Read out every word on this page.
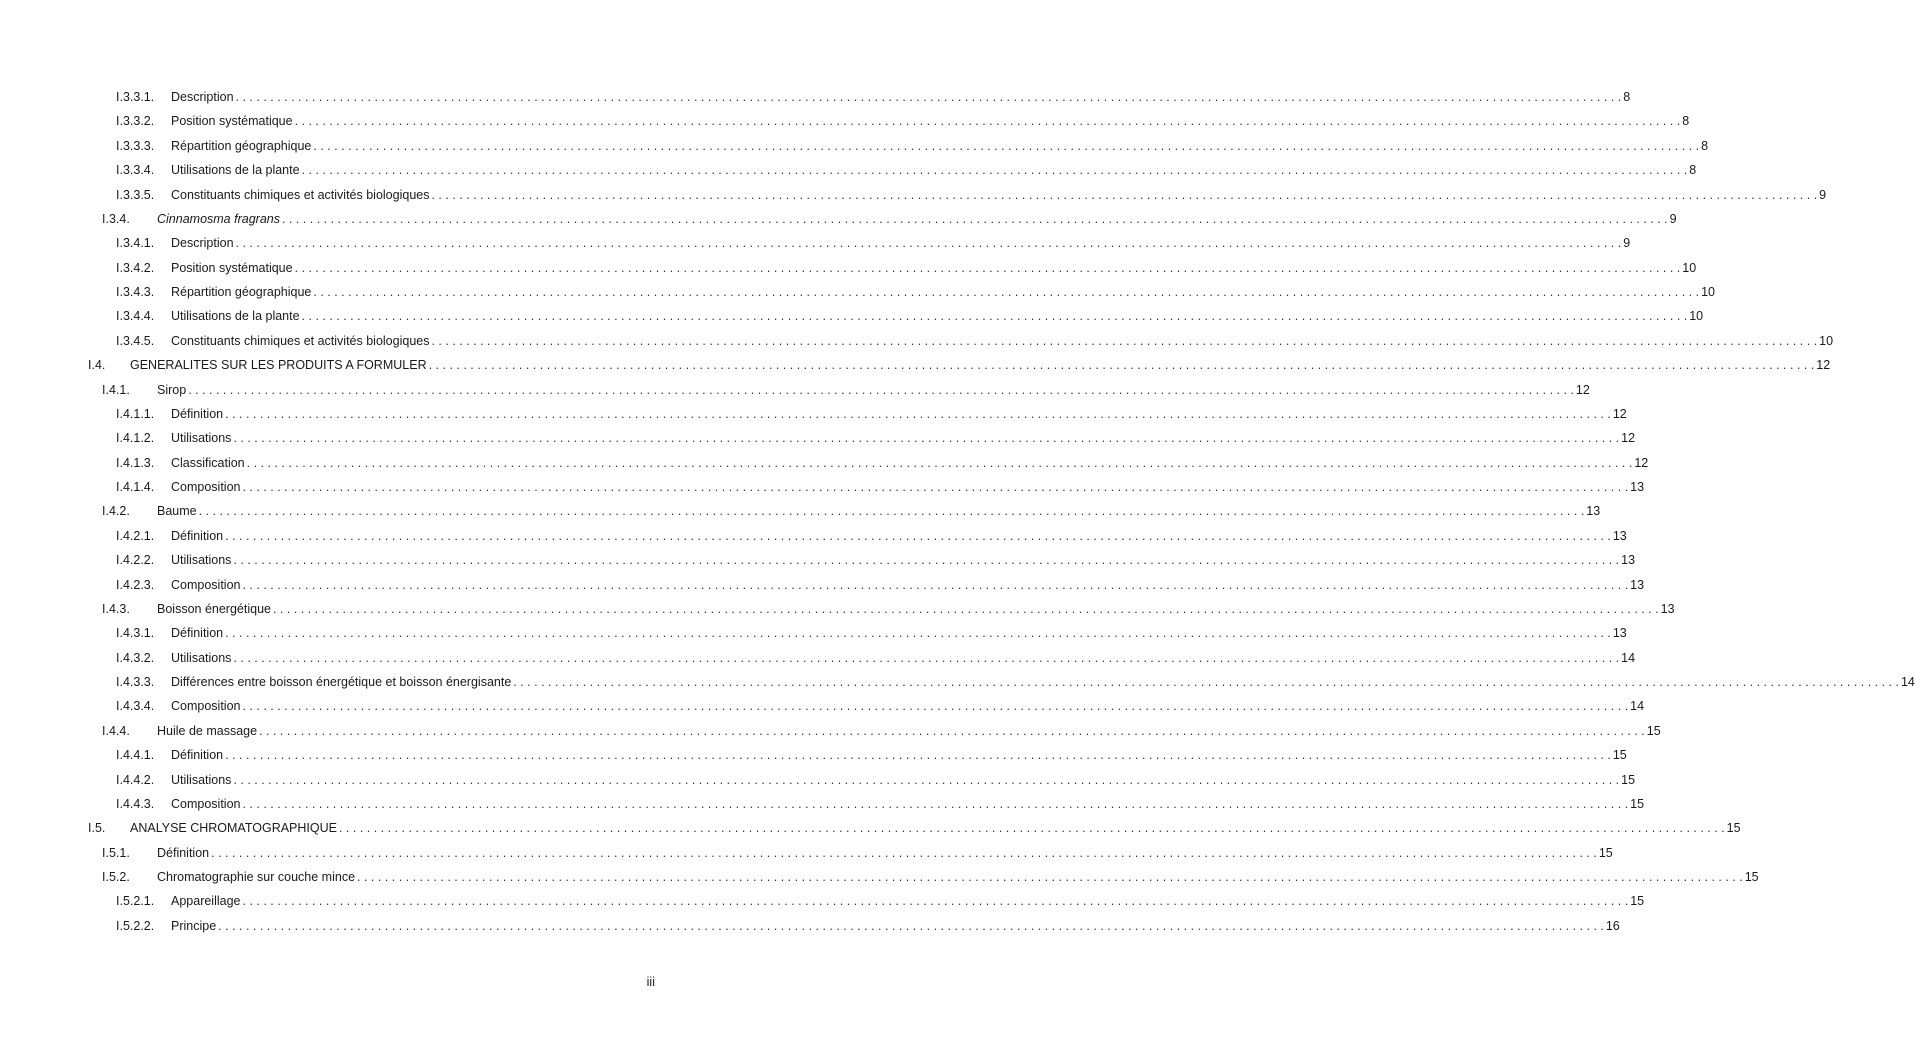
I.3.3.1. Description . . . . . . . . . . . . . . . . . . . . . . . . . . . . . . . . . . . . . . . . . . . . . . . . . . . . . . . . . . . . . . . . . . . . . . . . . . . . . . . . . . . . . . . . . . . . . . . . . . . . . . . . . . . . . . . . . . . . . . . . . . . . . . . . . . . . . . . . . . . . . . . . . . . . . . . . . . . . . . . . . . . . . . . . . . . . . . . . . . . . . . . . . . . . . . . . . . . . . . . . 8
I.3.3.2. Position systématique . . . . . . . . . . . . . . . . . . . . . . . . . . . . . . . . . . . . . . . . . . . . . . . . . . . . . . . . . . . . . . . . . . . . . . . . . . . . . . . . . . . . . . . . . . . . . . . . . . . . . . . . . . . . . . . . . . . . . . . . . . . . . . . . . . . . . . . . . . . . . . . . . . . . . . . . . . . . . . . . . . . . . . . . . . . . . . . . . . . . . . . . . . . . . . . . . . . . . . . . 8
I.3.3.3. Répartition géographique . . . . . . . . . . . . . . . . . . . . . . . . . . . . . . . . . . . . . . . . . . . . . . . . . . . . . . . . . . . . . . . . . . . . . . . . . . . . . . . . . . . . . . . . . . . . . . . . . . . . . . . . . . . . . . . . . . . . . . . . . . . . . . . . . . . . . . . . . . . . . . . . . . . . . . . . . . . . . . . . . . . . . . . . . . . . . . . . . . . . . . . . . . . . . . . . . . . . . . . . 8
I.3.3.4. Utilisations de la plante . . . . . . . . . . . . . . . . . . . . . . . . . . . . . . . . . . . . . . . . . . . . . . . . . . . . . . . . . . . . . . . . . . . . . . . . . . . . . . . . . . . . . . . . . . . . . . . . . . . . . . . . . . . . . . . . . . . . . . . . . . . . . . . . . . . . . . . . . . . . . . . . . . . . . . . . . . . . . . . . . . . . . . . . . . . . . . . . . . . . . . . . . . . . . . . . . . . . . . . . 8
I.3.3.5. Constituants chimiques et activités biologiques . . . . . . . . . . . . . . . . . . . . . . . . . . . . . . . . . . . . . . . . . . . . . . . . . . . . . . . . . . . . . . . . . . . . . . . . . . . . . . . . . . . . . . . . . . . . . . . . . . . . . . . . . . . . . . . . . . . . . . . . . . . . . . . . . . . . . . . . . . . . . . . . . . . . . . . . . . . . . . . . . . . . . . . . . . . . . . . . . . . . . . . . . . . . . . . . . . . . . . . . 9
I.3.4. Cinnamosma fragrans . . . . . . . . . . . . . . . . . . . . . . . . . . . . . . . . . . . . . . . . . . . . . . . . . . . . . . . . . . . . . . . . . . . . . . . . . . . . . . . . . . . . . . . . . . . . . . . . . . . . . . . . . . . . . . . . . . . . . . . . . . . . . . . . . . . . . . . . . . . . . . . . . . . . . . . . . . . . . . . . . . . . . . . . . . . . . . . . . . . . . . . . . . . . . . . . . . . . . . . . 9
I.3.4.1. Description . . . . . . . . . . . . . . . . . . . . . . . . . . . . . . . . . . . . . . . . . . . . . . . . . . . . . . . . . . . . . . . . . . . . . . . . . . . . . . . . . . . . . . . . . . . . . . . . . . . . . . . . . . . . . . . . . . . . . . . . . . . . . . . . . . . . . . . . . . . . . . . . . . . . . . . . . . . . . . . . . . . . . . . . . . . . . . . . . . . . . . . . . . . . . . . . . . . . . . . . 9
I.3.4.2. Position systématique . . . . . . . . . . . . . . . . . . . . . . . . . . . . . . . . . . . . . . . . . . . . . . . . . . . . . . . . . . . . . . . . . . . . . . . . . . . . . . . . . . . . . . . . . . . . . . . . . . . . . . . . . . . . . . . . . . . . . . . . . . . . . . . . . . . . . . . . . . . . . . . . . . . . . . . . . . . . . . . . . . . . . . . . . . . . . . . . . . . . . . . . . . . . . . . . . . . . . . . . 10
I.3.4.3. Répartition géographique . . . . . . . . . . . . . . . . . . . . . . . . . . . . . . . . . . . . . . . . . . . . . . . . . . . . . . . . . . . . . . . . . . . . . . . . . . . . . . . . . . . . . . . . . . . . . . . . . . . . . . . . . . . . . . . . . . . . . . . . . . . . . . . . . . . . . . . . . . . . . . . . . . . . . . . . . . . . . . . . . . . . . . . . . . . . . . . . . . . . . . . . . . . . . . . . . . . . . . . . 10
I.3.4.4. Utilisations de la plante . . . . . . . . . . . . . . . . . . . . . . . . . . . . . . . . . . . . . . . . . . . . . . . . . . . . . . . . . . . . . . . . . . . . . . . . . . . . . . . . . . . . . . . . . . . . . . . . . . . . . . . . . . . . . . . . . . . . . . . . . . . . . . . . . . . . . . . . . . . . . . . . . . . . . . . . . . . . . . . . . . . . . . . . . . . . . . . . . . . . . . . . . . . . . . . . . . . . . . . . 10
I.3.4.5. Constituants chimiques et activités biologiques . . . . . . . . . . . . . . . . . . . . . . . . . . . . . . . . . . . . . . . . . . . . . . . . . . . . . . . . . . . . . . . . . . . . . . . . . . . . . . . . . . . . . . . . . . . . . . . . . . . . . . . . . . . . . . . . . . . . . . . . . . . . . . . . . . . . . . . . . . . . . . . . . . . . . . . . . . . . . . . . . . . . . . . . . . . . . . . . . . . . . . . . . . . . . . . . . . . . . . . . 10
I.4. GENERALITES SUR LES PRODUITS A FORMULER . . . . . . . . . . . . . . . . . . . . . . . . . . . . . . . . . . . . . . . . . . . . . . . . . . . . . . . . . . . . . . . . . . . . . . . . . . . . . . . . . . . . . . . . . . . . . . . . . . . . . . . . . . . . . . . . . . . . . . . . . . . . . . . . . . . . . . . . . . . . . . . . . . . . . . . . . . . . . . . . . . . . . . . . . . . . . . . . . . . . . . . . . . . . . . . . . . . . . . . . 12
I.4.1. Sirop . . . . . . . . . . . . . . . . . . . . . . . . . . . . . . . . . . . . . . . . . . . . . . . . . . . . . . . . . . . . . . . . . . . . . . . . . . . . . . . . . . . . . . . . . . . . . . . . . . . . . . . . . . . . . . . . . . . . . . . . . . . . . . . . . . . . . . . . . . . . . . . . . . . . . . . . . . . . . . . . . . . . . . . . . . . . . . . . . . . . . . . . . . . . . . . . . . . . . . . . 12
I.4.1.1. Définition . . . . . . . . . . . . . . . . . . . . . . . . . . . . . . . . . . . . . . . . . . . . . . . . . . . . . . . . . . . . . . . . . . . . . . . . . . . . . . . . . . . . . . . . . . . . . . . . . . . . . . . . . . . . . . . . . . . . . . . . . . . . . . . . . . . . . . . . . . . . . . . . . . . . . . . . . . . . . . . . . . . . . . . . . . . . . . . . . . . . . . . . . . . . . . . . . . . . . . . . 12
I.4.1.2. Utilisations . . . . . . . . . . . . . . . . . . . . . . . . . . . . . . . . . . . . . . . . . . . . . . . . . . . . . . . . . . . . . . . . . . . . . . . . . . . . . . . . . . . . . . . . . . . . . . . . . . . . . . . . . . . . . . . . . . . . . . . . . . . . . . . . . . . . . . . . . . . . . . . . . . . . . . . . . . . . . . . . . . . . . . . . . . . . . . . . . . . . . . . . . . . . . . . . . . . . . . . . 12
I.4.1.3. Classification . . . . . . . . . . . . . . . . . . . . . . . . . . . . . . . . . . . . . . . . . . . . . . . . . . . . . . . . . . . . . . . . . . . . . . . . . . . . . . . . . . . . . . . . . . . . . . . . . . . . . . . . . . . . . . . . . . . . . . . . . . . . . . . . . . . . . . . . . . . . . . . . . . . . . . . . . . . . . . . . . . . . . . . . . . . . . . . . . . . . . . . . . . . . . . . . . . . . . . . . 12
I.4.1.4. Composition . . . . . . . . . . . . . . . . . . . . . . . . . . . . . . . . . . . . . . . . . . . . . . . . . . . . . . . . . . . . . . . . . . . . . . . . . . . . . . . . . . . . . . . . . . . . . . . . . . . . . . . . . . . . . . . . . . . . . . . . . . . . . . . . . . . . . . . . . . . . . . . . . . . . . . . . . . . . . . . . . . . . . . . . . . . . . . . . . . . . . . . . . . . . . . . . . . . . . . . . 13
I.4.2. Baume . . . . . . . . . . . . . . . . . . . . . . . . . . . . . . . . . . . . . . . . . . . . . . . . . . . . . . . . . . . . . . . . . . . . . . . . . . . . . . . . . . . . . . . . . . . . . . . . . . . . . . . . . . . . . . . . . . . . . . . . . . . . . . . . . . . . . . . . . . . . . . . . . . . . . . . . . . . . . . . . . . . . . . . . . . . . . . . . . . . . . . . . . . . . . . . . . . . . . . . . 13
I.4.2.1. Définition . . . . . . . . . . . . . . . . . . . . . . . . . . . . . . . . . . . . . . . . . . . . . . . . . . . . . . . . . . . . . . . . . . . . . . . . . . . . . . . . . . . . . . . . . . . . . . . . . . . . . . . . . . . . . . . . . . . . . . . . . . . . . . . . . . . . . . . . . . . . . . . . . . . . . . . . . . . . . . . . . . . . . . . . . . . . . . . . . . . . . . . . . . . . . . . . . . . . . . . . 13
I.4.2.2. Utilisations . . . . . . . . . . . . . . . . . . . . . . . . . . . . . . . . . . . . . . . . . . . . . . . . . . . . . . . . . . . . . . . . . . . . . . . . . . . . . . . . . . . . . . . . . . . . . . . . . . . . . . . . . . . . . . . . . . . . . . . . . . . . . . . . . . . . . . . . . . . . . . . . . . . . . . . . . . . . . . . . . . . . . . . . . . . . . . . . . . . . . . . . . . . . . . . . . . . . . . . . 13
I.4.2.3. Composition . . . . . . . . . . . . . . . . . . . . . . . . . . . . . . . . . . . . . . . . . . . . . . . . . . . . . . . . . . . . . . . . . . . . . . . . . . . . . . . . . . . . . . . . . . . . . . . . . . . . . . . . . . . . . . . . . . . . . . . . . . . . . . . . . . . . . . . . . . . . . . . . . . . . . . . . . . . . . . . . . . . . . . . . . . . . . . . . . . . . . . . . . . . . . . . . . . . . . . . . 13
I.4.3. Boisson énergétique . . . . . . . . . . . . . . . . . . . . . . . . . . . . . . . . . . . . . . . . . . . . . . . . . . . . . . . . . . . . . . . . . . . . . . . . . . . . . . . . . . . . . . . . . . . . . . . . . . . . . . . . . . . . . . . . . . . . . . . . . . . . . . . . . . . . . . . . . . . . . . . . . . . . . . . . . . . . . . . . . . . . . . . . . . . . . . . . . . . . . . . . . . . . . . . . . . . . . . . . 13
I.4.3.1. Définition . . . . . . . . . . . . . . . . . . . . . . . . . . . . . . . . . . . . . . . . . . . . . . . . . . . . . . . . . . . . . . . . . . . . . . . . . . . . . . . . . . . . . . . . . . . . . . . . . . . . . . . . . . . . . . . . . . . . . . . . . . . . . . . . . . . . . . . . . . . . . . . . . . . . . . . . . . . . . . . . . . . . . . . . . . . . . . . . . . . . . . . . . . . . . . . . . . . . . . . . 13
I.4.3.2. Utilisations . . . . . . . . . . . . . . . . . . . . . . . . . . . . . . . . . . . . . . . . . . . . . . . . . . . . . . . . . . . . . . . . . . . . . . . . . . . . . . . . . . . . . . . . . . . . . . . . . . . . . . . . . . . . . . . . . . . . . . . . . . . . . . . . . . . . . . . . . . . . . . . . . . . . . . . . . . . . . . . . . . . . . . . . . . . . . . . . . . . . . . . . . . . . . . . . . . . . . . . . 14
I.4.3.3. Différences entre boisson énergétique et boisson énergisante . . . . . . . . . . . . . . . . . . . . . . . . . . . . . . . . . . . . . . . . . . . . . . . . . . . . . . . . . . . . . . . . . . . . . . . . . . . . . . . . . . . . . . . . . . . . . . . . . . . . . . . . . . . . . . . . . . . . . . . . . . . . . . . . . . . . . . . . . . . . . . . . . . . . . . . . . . . . . . . . . . . . . . . . . . . . . . . . . . . . . . . . . . . . . . . . . . . . . . . . 14
I.4.3.4. Composition . . . . . . . . . . . . . . . . . . . . . . . . . . . . . . . . . . . . . . . . . . . . . . . . . . . . . . . . . . . . . . . . . . . . . . . . . . . . . . . . . . . . . . . . . . . . . . . . . . . . . . . . . . . . . . . . . . . . . . . . . . . . . . . . . . . . . . . . . . . . . . . . . . . . . . . . . . . . . . . . . . . . . . . . . . . . . . . . . . . . . . . . . . . . . . . . . . . . . . . . 14
I.4.4. Huile de massage . . . . . . . . . . . . . . . . . . . . . . . . . . . . . . . . . . . . . . . . . . . . . . . . . . . . . . . . . . . . . . . . . . . . . . . . . . . . . . . . . . . . . . . . . . . . . . . . . . . . . . . . . . . . . . . . . . . . . . . . . . . . . . . . . . . . . . . . . . . . . . . . . . . . . . . . . . . . . . . . . . . . . . . . . . . . . . . . . . . . . . . . . . . . . . . . . . . . . . . . 15
I.4.4.1. Définition . . . . . . . . . . . . . . . . . . . . . . . . . . . . . . . . . . . . . . . . . . . . . . . . . . . . . . . . . . . . . . . . . . . . . . . . . . . . . . . . . . . . . . . . . . . . . . . . . . . . . . . . . . . . . . . . . . . . . . . . . . . . . . . . . . . . . . . . . . . . . . . . . . . . . . . . . . . . . . . . . . . . . . . . . . . . . . . . . . . . . . . . . . . . . . . . . . . . . . . . 15
I.4.4.2. Utilisations . . . . . . . . . . . . . . . . . . . . . . . . . . . . . . . . . . . . . . . . . . . . . . . . . . . . . . . . . . . . . . . . . . . . . . . . . . . . . . . . . . . . . . . . . . . . . . . . . . . . . . . . . . . . . . . . . . . . . . . . . . . . . . . . . . . . . . . . . . . . . . . . . . . . . . . . . . . . . . . . . . . . . . . . . . . . . . . . . . . . . . . . . . . . . . . . . . . . . . . . 15
I.4.4.3. Composition . . . . . . . . . . . . . . . . . . . . . . . . . . . . . . . . . . . . . . . . . . . . . . . . . . . . . . . . . . . . . . . . . . . . . . . . . . . . . . . . . . . . . . . . . . . . . . . . . . . . . . . . . . . . . . . . . . . . . . . . . . . . . . . . . . . . . . . . . . . . . . . . . . . . . . . . . . . . . . . . . . . . . . . . . . . . . . . . . . . . . . . . . . . . . . . . . . . . . . . . 15
I.5. ANALYSE CHROMATOGRAPHIQUE . . . . . . . . . . . . . . . . . . . . . . . . . . . . . . . . . . . . . . . . . . . . . . . . . . . . . . . . . . . . . . . . . . . . . . . . . . . . . . . . . . . . . . . . . . . . . . . . . . . . . . . . . . . . . . . . . . . . . . . . . . . . . . . . . . . . . . . . . . . . . . . . . . . . . . . . . . . . . . . . . . . . . . . . . . . . . . . . . . . . . . . . . . . . . . . . . . . . . . . . 15
I.5.1. Définition . . . . . . . . . . . . . . . . . . . . . . . . . . . . . . . . . . . . . . . . . . . . . . . . . . . . . . . . . . . . . . . . . . . . . . . . . . . . . . . . . . . . . . . . . . . . . . . . . . . . . . . . . . . . . . . . . . . . . . . . . . . . . . . . . . . . . . . . . . . . . . . . . . . . . . . . . . . . . . . . . . . . . . . . . . . . . . . . . . . . . . . . . . . . . . . . . . . . . . . . 15
I.5.2. Chromatographie sur couche mince . . . . . . . . . . . . . . . . . . . . . . . . . . . . . . . . . . . . . . . . . . . . . . . . . . . . . . . . . . . . . . . . . . . . . . . . . . . . . . . . . . . . . . . . . . . . . . . . . . . . . . . . . . . . . . . . . . . . . . . . . . . . . . . . . . . . . . . . . . . . . . . . . . . . . . . . . . . . . . . . . . . . . . . . . . . . . . . . . . . . . . . . . . . . . . . . . . . . . . . . 15
I.5.2.1. Appareillage . . . . . . . . . . . . . . . . . . . . . . . . . . . . . . . . . . . . . . . . . . . . . . . . . . . . . . . . . . . . . . . . . . . . . . . . . . . . . . . . . . . . . . . . . . . . . . . . . . . . . . . . . . . . . . . . . . . . . . . . . . . . . . . . . . . . . . . . . . . . . . . . . . . . . . . . . . . . . . . . . . . . . . . . . . . . . . . . . . . . . . . . . . . . . . . . . . . . . . . . 15
I.5.2.2. Principe . . . . . . . . . . . . . . . . . . . . . . . . . . . . . . . . . . . . . . . . . . . . . . . . . . . . . . . . . . . . . . . . . . . . . . . . . . . . . . . . . . . . . . . . . . . . . . . . . . . . . . . . . . . . . . . . . . . . . . . . . . . . . . . . . . . . . . . . . . . . . . . . . . . . . . . . . . . . . . . . . . . . . . . . . . . . . . . . . . . . . . . . . . . . . . . . . . . . . . . . 16
iii
